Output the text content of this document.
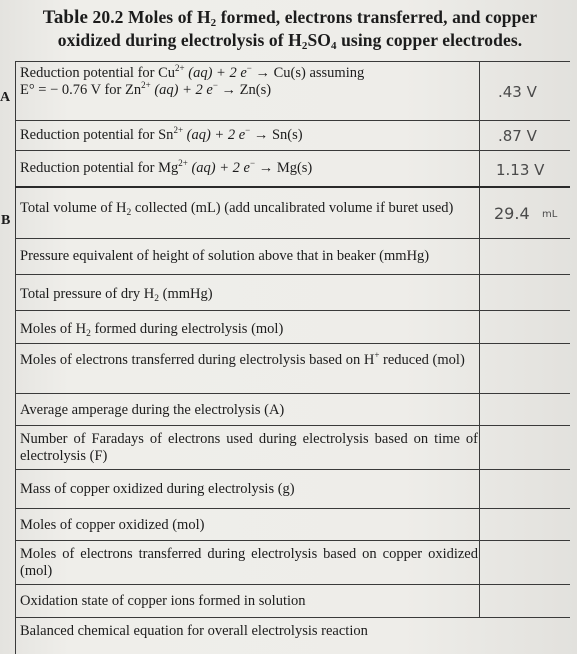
Table 20.2 Moles of $H_2$ formed, electrons transferred, and copper
oxidized during electrolysis of $H_2SO_4$ using copper electrodes.
A
B
Reduction potential for $Cu^{2+}$ (aq) + 2 e− → Cu(s) assuming
E° = − 0.76 V for $Zn^{2+}$ (aq) + 2 e− → Zn(s)	.43 V
Reduction potential for $Sn^{2+}$ (aq) + 2 e− → Sn(s)	.87 V
Reduction potential for $Mg^{2+}$ (aq) + 2 e− → Mg(s)	1.13 V
Total volume of $H_2$ collected (mL) (add uncalibrated volume if buret used)	29.4 mL
Pressure equivalent of height of solution above that in beaker (mmHg)
Total pressure of dry $H_2$ (mmHg)
Moles of $H_2$ formed during electrolysis (mol)
Moles of electrons transferred during electrolysis based on H+ reduced (mol)
Average amperage during the electrolysis (A)
Number of Faradays of electrons used during electrolysis based on time of electrolysis (F)
Mass of copper oxidized during electrolysis (g)
Moles of copper oxidized (mol)
Moles of electrons transferred during electrolysis based on copper oxidized (mol)
Oxidation state of copper ions formed in solution
Balanced chemical equation for overall electrolysis reaction
